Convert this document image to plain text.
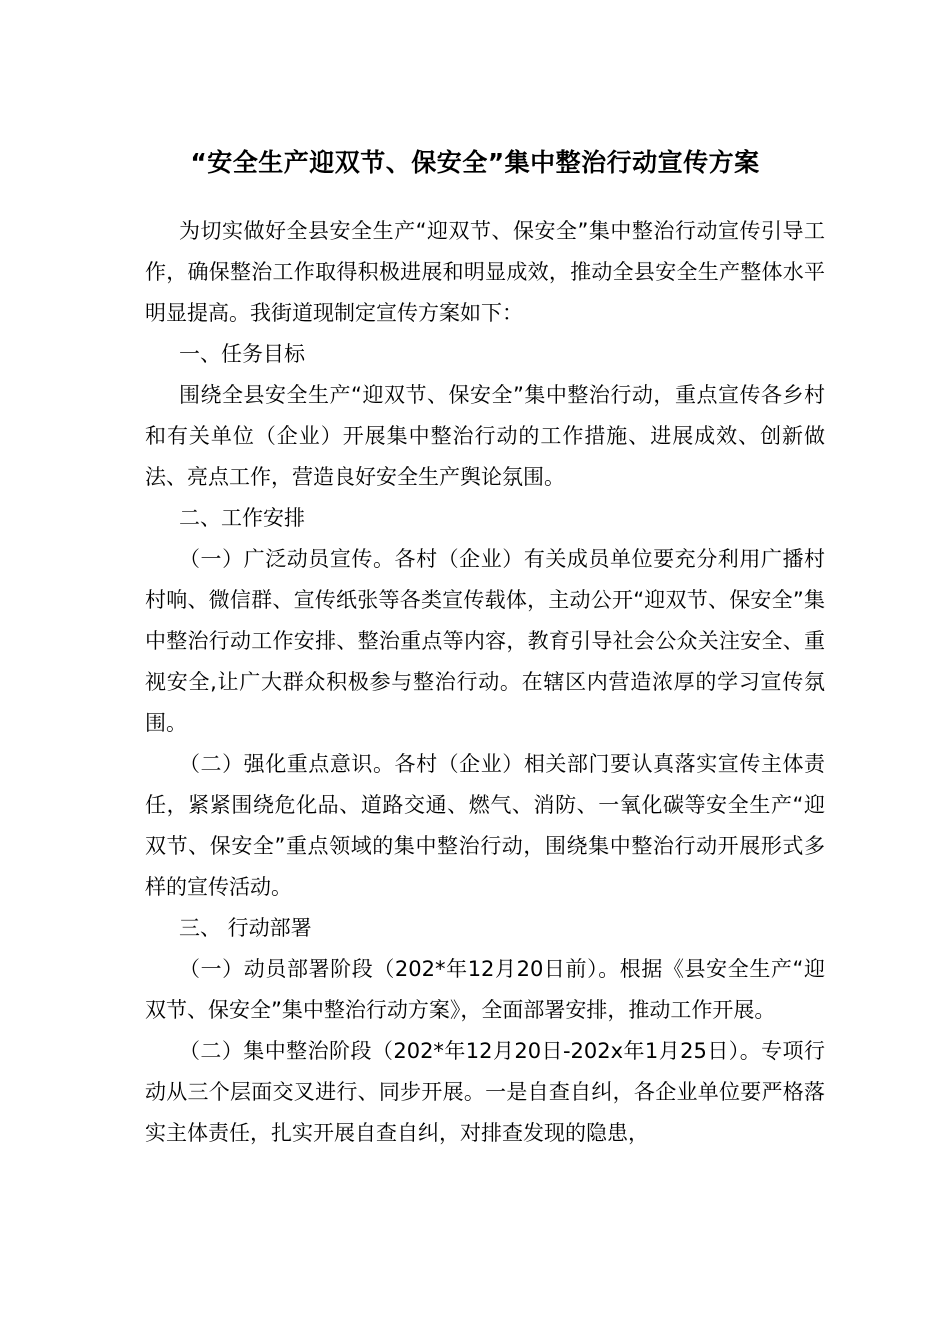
“安全生产迎双节、保安全”集中整治行动宣传方案

为切实做好全县安全生产“迎双节、保安全”集中整治行动宣传引导工作，确保整治工作取得积极进展和明显成效，推动全县安全生产整体水平明显提高。我街道现制定宣传方案如下：

一、任务目标

围绕全县安全生产“迎双节、保安全”集中整治行动，重点宣传各乡村和有关单位（企业）开展集中整治行动的工作措施、进展成效、创新做法、亮点工作，营造良好安全生产舆论氛围。

二、工作安排

（一）广泛动员宣传。各村（企业）有关成员单位要充分利用广播村村响、微信群、宣传纸张等各类宣传载体，主动公开“迎双节、保安全”集中整治行动工作安排、整治重点等内容，教育引导社会公众关注安全、重视安全,让广大群众积极参与整治行动。在辖区内营造浓厚的学习宣传氛围。

（二）强化重点意识。各村（企业）相关部门要认真落实宣传主体责任，紧紧围绕危化品、道路交通、燃气、消防、一氧化碳等安全生产“迎双节、保安全”重点领域的集中整治行动，围绕集中整治行动开展形式多样的宣传活动。

三、 行动部署

（一）动员部署阶段（202*年12月20日前）。根据《县安全生产“迎双节、保安全”集中整治行动方案》，全面部署安排，推动工作开展。

（二）集中整治阶段（202*年12月20日-202x年1月25日）。专项行动从三个层面交叉进行、同步开展。一是自查自纠，各企业单位要严格落实主体责任，扎实开展自查自纠，对排查发现的隐患，
